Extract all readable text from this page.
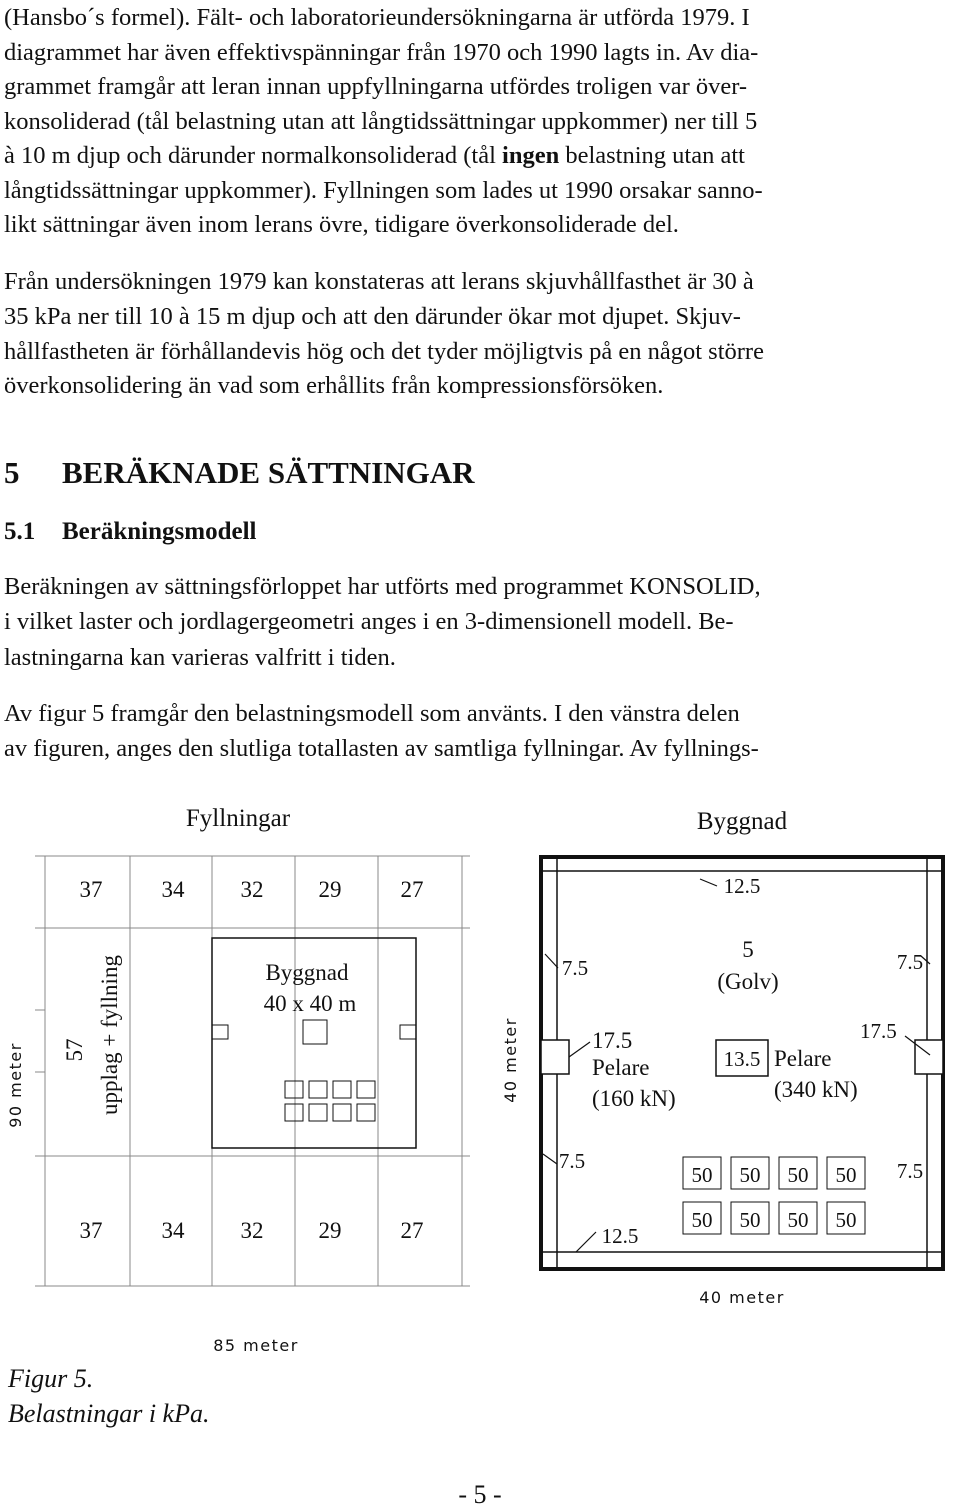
(Hansbo´s formel). Fält- och laboratorieundersökningarna är utförda 1979. I
diagrammet har även effektivspänningar från 1970 och 1990 lagts in. Av dia-
grammet framgår att leran innan uppfyllningarna utfördes troligen var över-
konsoliderad (tål belastning utan att långtidssättningar uppkommer) ner till 5
à 10 m djup och därunder normalkonsoliderad (tål ingen belastning utan att
långtidssättningar uppkommer). Fyllningen som lades ut 1990 orsakar sanno-
likt sättningar även inom lerans övre, tidigare överkonsoliderade del.
Från undersökningen 1979 kan konstateras att lerans skjuvhållfasthet är 30 à
35 kPa ner till 10 à 15 m djup och att den därunder ökar mot djupet. Skjuv-
hållfastheten är förhållandevis hög och det tyder möjligtvis på en något större
överkonsolidering än vad som erhållits från kompressionsförsöken.
5 BERÄKNADE SÄTTNINGAR
5.1 Beräkningsmodell
Beräkningen av sättningsförloppet har utförts med programmet KONSOLID,
i vilket laster och jordlagergeometri anges i en 3-dimensionell modell. Be-
lastningarna kan varieras valfritt i tiden.
Av figur 5 framgår den belastningsmodell som använts. I den vänstra delen
av figuren, anges den slutliga totallasten av samtliga fyllningar. Av fyllnings-
Fyllningar
37	34 32 29	27
37	34 32 29	27
57 upplag + fyllning
90 meter
Byggnad
40 x 40 m
85 meter
Byggnad
12.5
7.5	7.5
5
(Golv)
17.5
Pelare
(160 kN)
17.5
13.5 Pelare
(340 kN)
7.5	7.5
12.5
50 50 50 50
50 50 50 50
40 meter
40 meter
Figur 5.
Belastningar i kPa.
- 5 -
